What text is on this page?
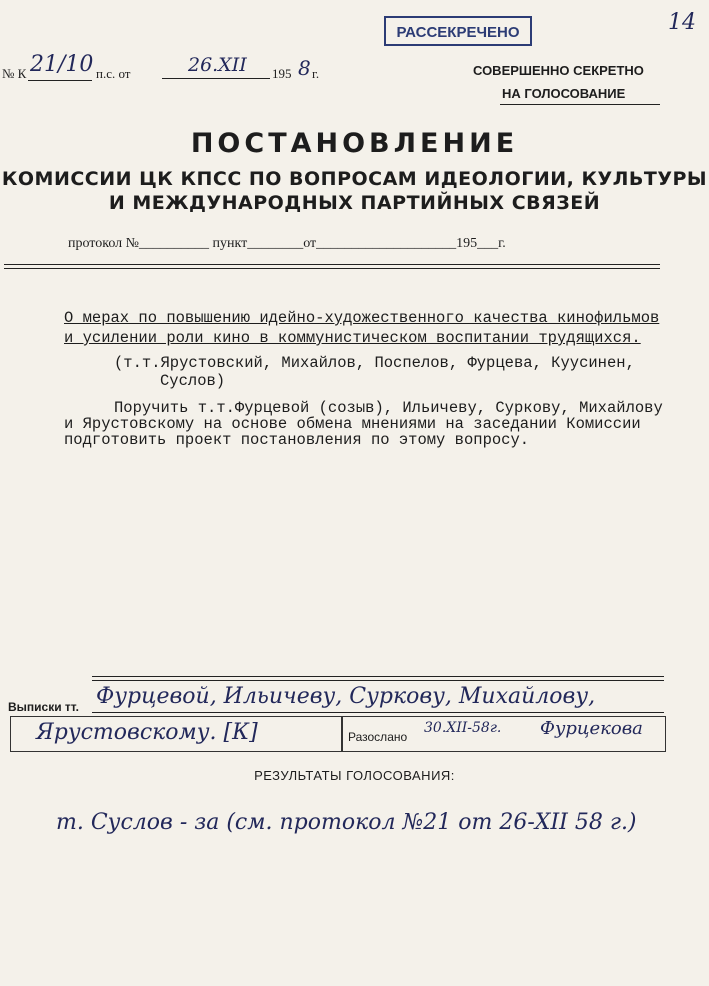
РАССЕКРЕЧЕНО	14
№ К 21/10 п.с. от	26.XII 195 8 г.	СОВЕРШЕННО СЕКРЕТНО
НА ГОЛОСОВАНИЕ
ПОСТАНОВЛЕНИЕ
КОМИССИИ ЦК КПСС ПО ВОПРОСАМ ИДЕОЛОГИИ, КУЛЬТУРЫ
И МЕЖДУНАРОДНЫХ ПАРТИЙНЫХ СВЯЗЕЙ
протокол №__________ пункт________от____________________195___г.
О мерах по повышению идейно-художественного качества кинофильмов
и усилении роли кино в коммунистическом воспитании трудящихся.
(т.т.Ярустовский, Михайлов, Поспелов, Фурцева, Куусинен,
Суслов)
Поручить т.т.Фурцевой (созыв), Ильичеву, Суркову, Михайлову
и Ярустовскому на основе обмена мнениями на заседании Комиссии
подготовить проект постановления по этому вопросу.
Выписки тт. Фурцевой, Ильичеву, Суркову, Михайлову,
Ярустовскому. [К]	Разослано
30.XII-58г. Фурцекова
РЕЗУЛЬТАТЫ ГОЛОСОВАНИЯ:
т. Суслов - за (см. протокол №21 от 26-XII 58 г.)
